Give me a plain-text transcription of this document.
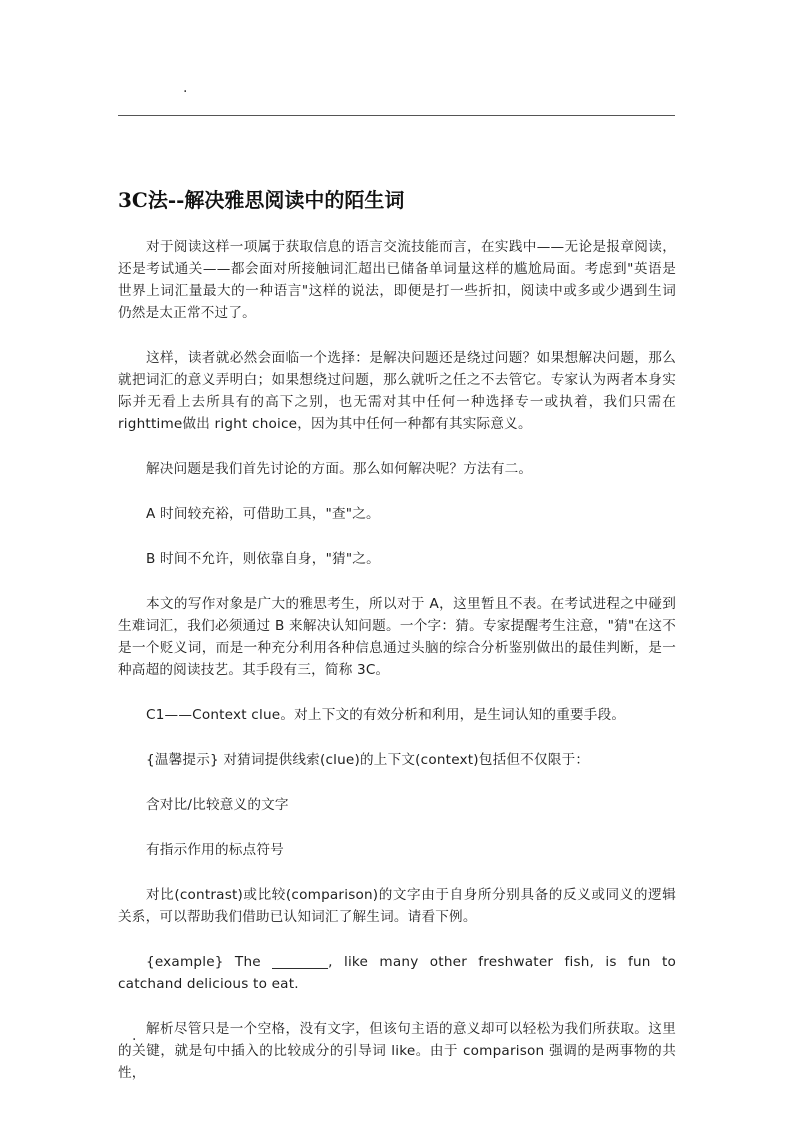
.
3C法--解决雅思阅读中的陌生词

对于阅读这样一项属于获取信息的语言交流技能而言，在实践中——无论是报章阅读，还是考试通关——都会面对所接触词汇超出已储备单词量这样的尴尬局面。考虑到"英语是世界上词汇量最大的一种语言"这样的说法，即便是打一些折扣，阅读中或多或少遇到生词仍然是太正常不过了。

这样，读者就必然会面临一个选择：是解决问题还是绕过问题？如果想解决问题，那么就把词汇的意义弄明白；如果想绕过问题，那么就听之任之不去管它。专家认为两者本身实际并无看上去所具有的高下之别，也无需对其中任何一种选择专一或执着，我们只需在righttime做出 right choice，因为其中任何一种都有其实际意义。

解决问题是我们首先讨论的方面。那么如何解决呢？方法有二。

A 时间较充裕，可借助工具，"查"之。

B 时间不允许，则依靠自身，"猜"之。

本文的写作对象是广大的雅思考生，所以对于 A，这里暂且不表。在考试进程之中碰到生难词汇，我们必须通过 B 来解决认知问题。一个字：猜。专家提醒考生注意，"猜"在这不是一个贬义词，而是一种充分利用各种信息通过头脑的综合分析鉴别做出的最佳判断，是一种高超的阅读技艺。其手段有三，简称 3C。

C1——Context clue。对上下文的有效分析和利用，是生词认知的重要手段。

{温馨提示} 对猜词提供线索(clue)的上下文(context)包括但不仅限于：

含对比/比较意义的文字

有指示作用的标点符号

对比(contrast)或比较(comparison)的文字由于自身所分别具备的反义或同义的逻辑关系，可以帮助我们借助已认知词汇了解生词。请看下例。

{example} The ________, like many other freshwater fish, is fun to catchand delicious to eat.

解析尽管只是一个空格，没有文字，但该句主语的意义却可以轻松为我们所获取。这里的关键，就是句中插入的比较成分的引导词 like。由于 comparison 强调的是两事物的共性，

.
